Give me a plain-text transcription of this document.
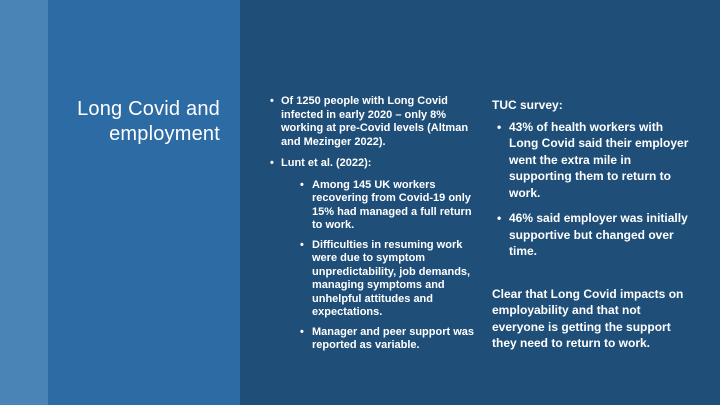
Long Covid and employment
• Of 1250 people with Long Covid infected in early 2020 – only 8% working at pre-Covid levels (Altman and Mezinger 2022).
• Lunt et al. (2022):
• Among 145 UK workers recovering from Covid-19 only 15% had managed a full return to work.
• Difficulties in resuming work were due to symptom unpredictability, job demands, managing symptoms and unhelpful attitudes and expectations.
• Manager and peer support was reported as variable.
TUC survey:
• 43% of health workers with Long Covid said their employer went the extra mile in supporting them to return to work.
• 46% said employer was initially supportive but changed over time.
Clear that Long Covid impacts on employability and that not everyone is getting the support they need to return to work.
